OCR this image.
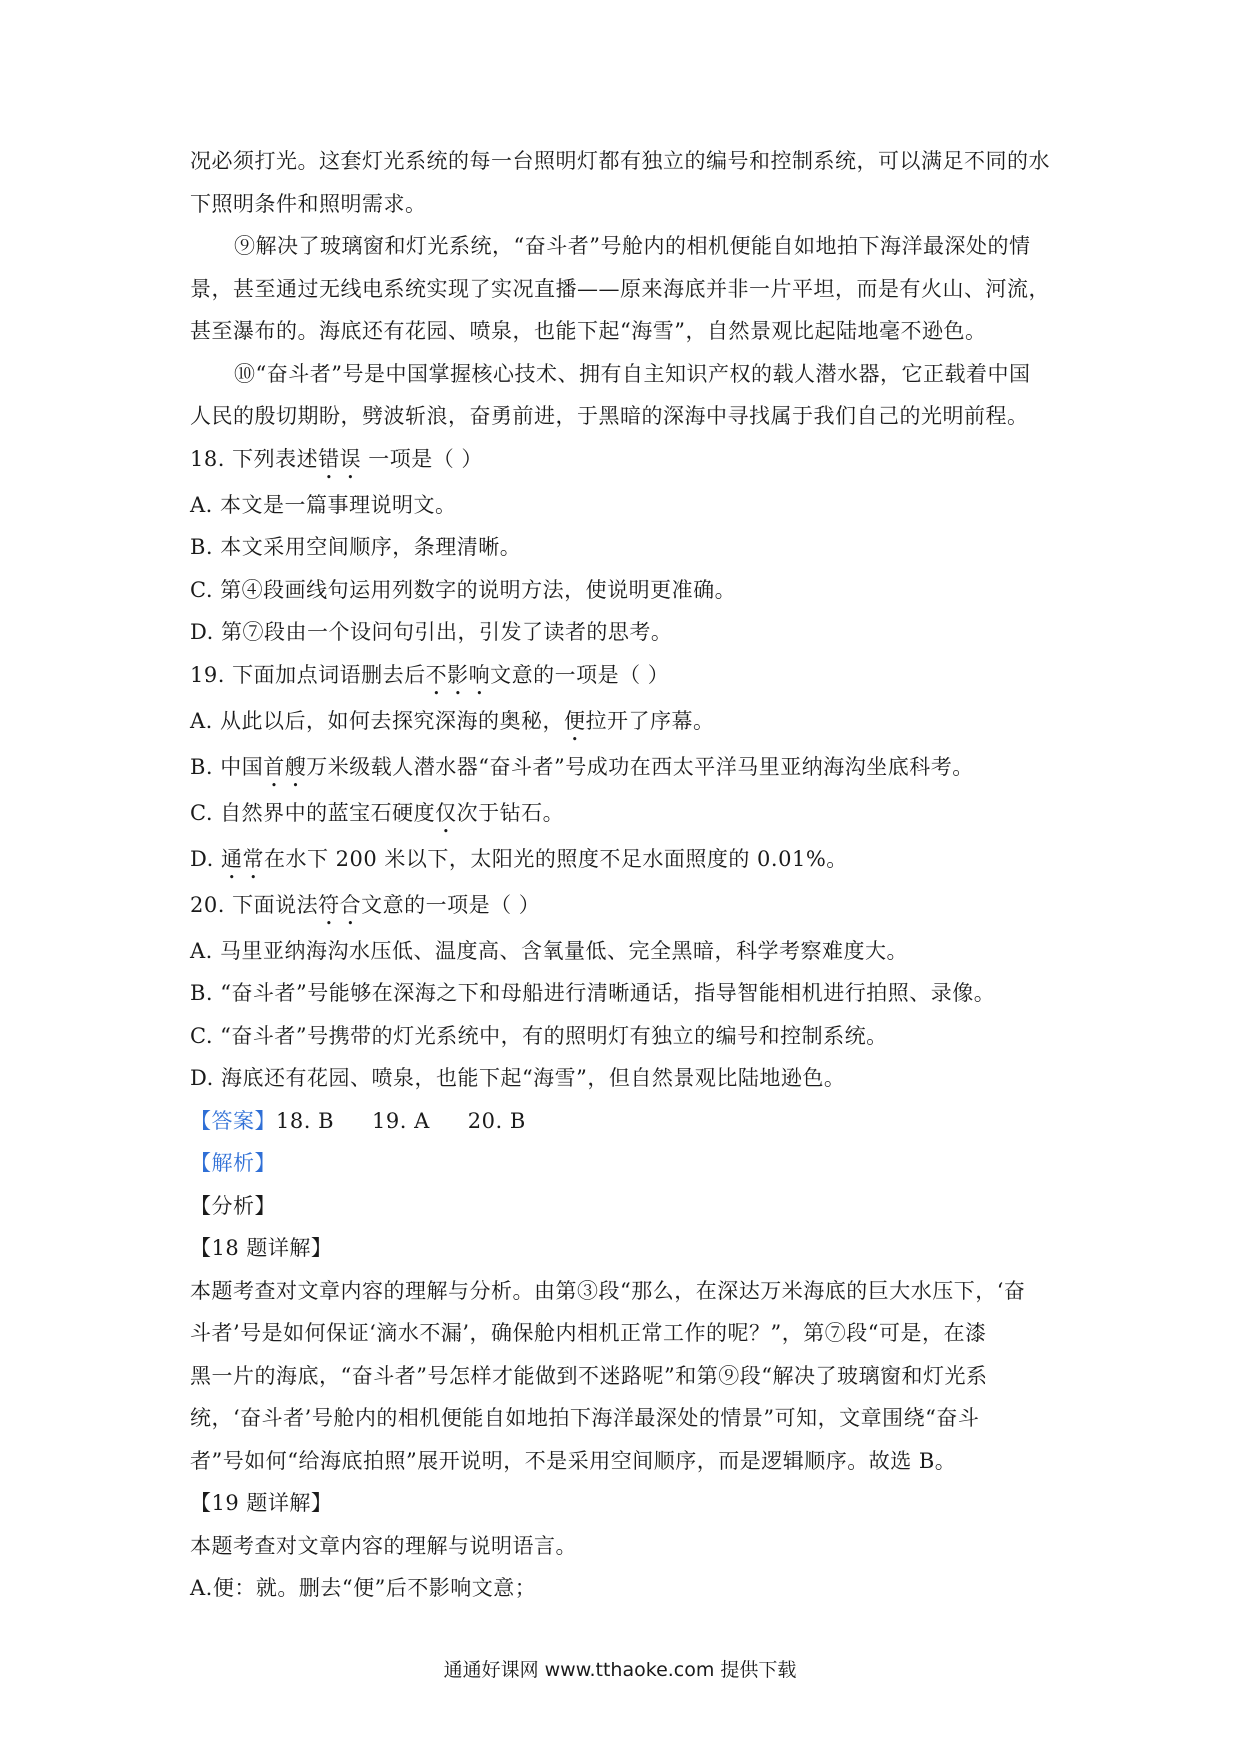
况必须打光。这套灯光系统的每一台照明灯都有独立的编号和控制系统，可以满足不同的水
下照明条件和照明需求。
⑨解决了玻璃窗和灯光系统，“奋斗者”号舱内的相机便能自如地拍下海洋最深处的情
景，甚至通过无线电系统实现了实况直播——原来海底并非一片平坦，而是有火山、河流，
甚至瀑布的。海底还有花园、喷泉，也能下起“海雪”，自然景观比起陆地毫不逊色。
⑩“奋斗者”号是中国掌握核心技术、拥有自主知识产权的载人潜水器，它正载着中国
人民的殷切期盼，劈波斩浪，奋勇前进，于黑暗的深海中寻找属于我们自己的光明前程。
18. 下列表述错误 一项是（ ）
A. 本文是一篇事理说明文。
B. 本文采用空间顺序，条理清晰。
C. 第④段画线句运用列数字的说明方法，使说明更准确。
D. 第⑦段由一个设问句引出，引发了读者的思考。
19. 下面加点词语删去后不影响文意的一项是（ ）
A. 从此以后，如何去探究深海的奥秘，便拉开了序幕。
B. 中国首艘万米级载人潜水器“奋斗者”号成功在西太平洋马里亚纳海沟坐底科考。
C. 自然界中的蓝宝石硬度仅次于钻石。
D. 通常在水下 200 米以下，太阳光的照度不足水面照度的 0.01%。
20. 下面说法符合文意的一项是（ ）
A. 马里亚纳海沟水压低、温度高、含氧量低、完全黑暗，科学考察难度大。
B. “奋斗者”号能够在深海之下和母船进行清晰通话，指导智能相机进行拍照、录像。
C. “奋斗者”号携带的灯光系统中，有的照明灯有独立的编号和控制系统。
D. 海底还有花园、喷泉，也能下起“海雪”，但自然景观比陆地逊色。
【答案】18. B 19. A 20. B
【解析】
【分析】
【18 题详解】
本题考查对文章内容的理解与分析。由第③段“那么，在深达万米海底的巨大水压下，‘奋
斗者’号是如何保证‘滴水不漏’，确保舱内相机正常工作的呢？”，第⑦段“可是，在漆
黑一片的海底，“奋斗者”号怎样才能做到不迷路呢”和第⑨段“解决了玻璃窗和灯光系
统，‘奋斗者’号舱内的相机便能自如地拍下海洋最深处的情景”可知，文章围绕“奋斗
者”号如何“给海底拍照”展开说明，不是采用空间顺序，而是逻辑顺序。故选 B。
【19 题详解】
本题考查对文章内容的理解与说明语言。
A.便：就。删去“便”后不影响文意；
通通好课网 www.tthaoke.com 提供下载
